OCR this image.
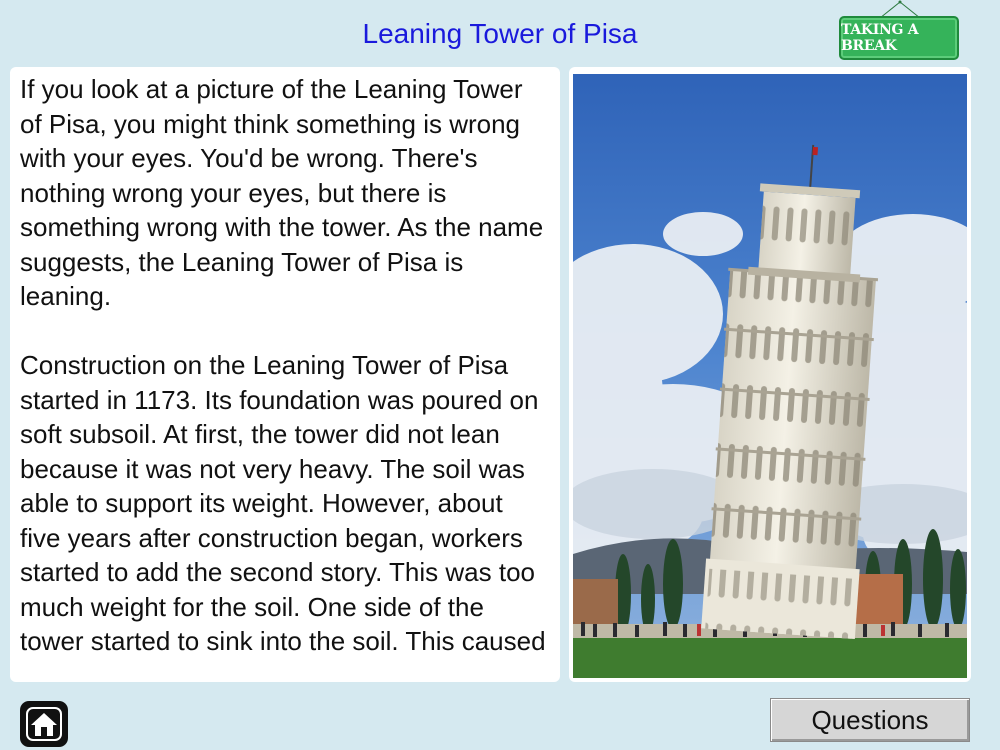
Leaning Tower of Pisa	TAKING A BREAK

If you look at a picture of the Leaning Tower of Pisa, you might think something is wrong with your eyes. You'd be wrong. There's nothing wrong your eyes, but there is something wrong with the tower. As the name suggests, the Leaning Tower of Pisa is leaning.

Construction on the Leaning Tower of Pisa started in 1173. Its foundation was poured on soft subsoil. At first, the tower did not lean because it was not very heavy. The soil was able to support its weight. However, about five years after construction began, workers started to add the second story. This was too much weight for the soil. One side of the tower started to sink into the soil. This caused

Questions
